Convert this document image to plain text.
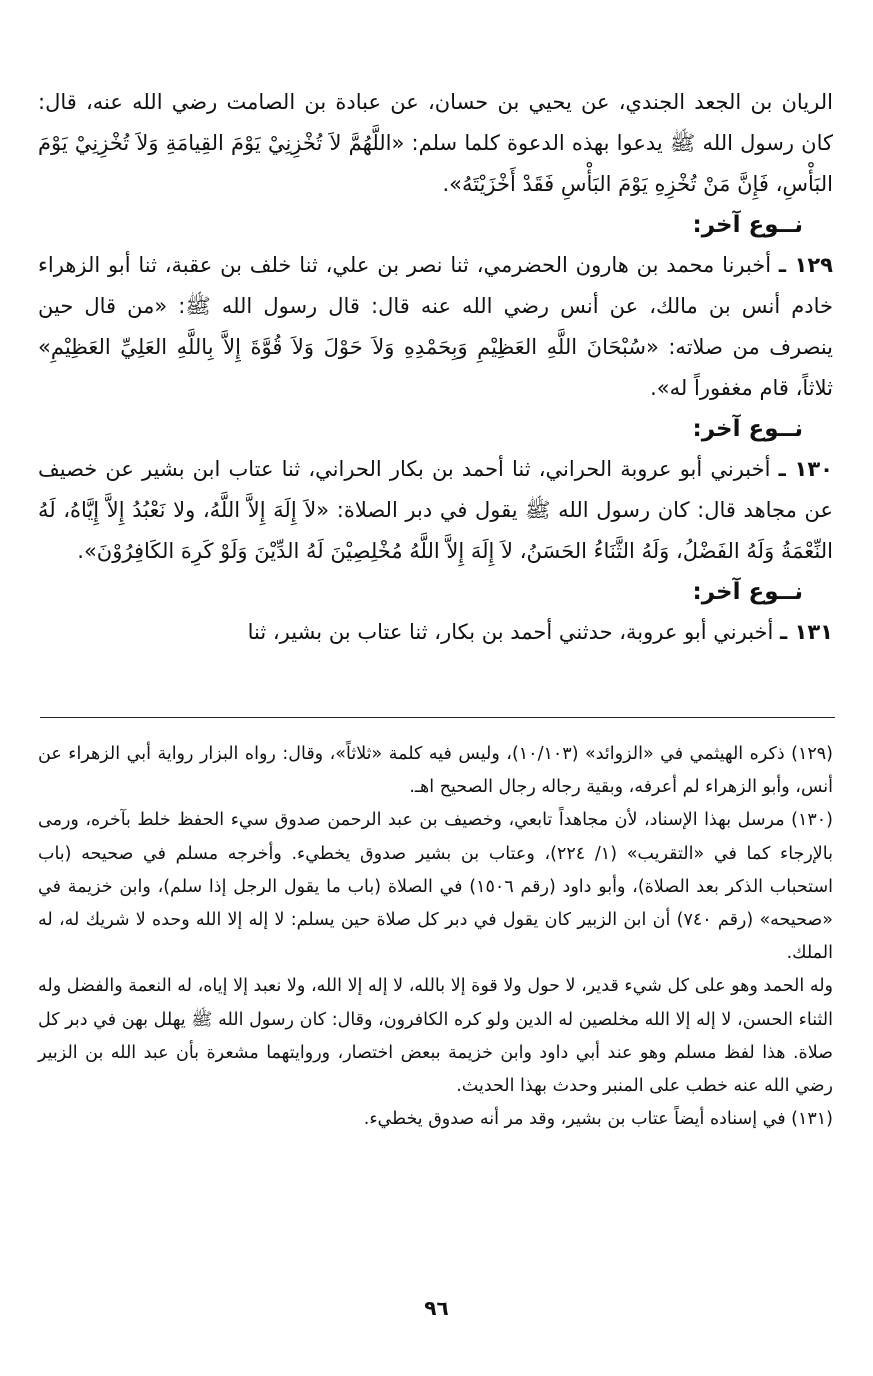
الريان بن الجعد الجندي، عن يحيي بن حسان، عن عبادة بن الصامت رضي الله عنه، قال: كان رسول الله ﷺ يدعوا بهذه الدعوة كلما سلم: «اللَّهُمَّ لاَ تُخْزِنِيْ يَوْمَ القِيامَةِ وَلاَ تُخْزِنِيْ يَوْمَ البَأْسِ، فَإِنَّ مَنْ تُخْزِهِ يَوْمَ البَأْسِ فَقَدْ أَخْزَيْتَهُ».

نــوع آخر:

١٢٩ ـ أخبرنا محمد بن هارون الحضرمي، ثنا نصر بن علي، ثنا خلف بن عقبة، ثنا أبو الزهراء خادم أنس بن مالك، عن أنس رضي الله عنه قال: قال رسول الله ﷺ: «من قال حين ينصرف من صلاته: «سُبْحَانَ اللَّهِ العَظِيْمِ وَبِحَمْدِهِ وَلاَ حَوْلَ وَلاَ قُوَّةَ إِلاَّ بِاللَّهِ العَلِيِّ العَظِيْمِ» ثلاثاً، قام مغفوراً له».

نــوع آخر:

١٣٠ ـ أخبرني أبو عروبة الحراني، ثنا أحمد بن بكار الحراني، ثنا عتاب ابن بشير عن خصيف عن مجاهد قال: كان رسول الله ﷺ يقول في دبر الصلاة: «لاَ إِلَهَ إِلاَّ اللَّهُ، ولا نَعْبُدُ إِلاَّ إِيَّاهُ، لَهُ النِّعْمَةُ وَلَهُ الفَضْلُ، وَلَهُ الثَّنَاءُ الحَسَنُ، لاَ إِلَهَ إِلاَّ اللَّهُ مُخْلِصِيْنَ لَهُ الدِّيْنَ وَلَوْ كَرِهَ الكَافِرُوْنَ».

نــوع آخر:

١٣١ ـ أخبرني أبو عروبة، حدثني أحمد بن بكار، ثنا عتاب بن بشير، ثنا

(١٢٩) ذكره الهيثمي في «الزوائد» (١٠/١٠٣)، وليس فيه كلمة «ثلاثاً»، وقال: رواه البزار رواية أبي الزهراء عن أنس، وأبو الزهراء لم أعرفه، وبقية رجاله رجال الصحيح اهـ.

(١٣٠) مرسل بهذا الإسناد، لأن مجاهداً تابعي، وخصيف بن عبد الرحمن صدوق سيء الحفظ خلط بآخره، ورمى بالإرجاء كما في «التقريب» (١/ ٢٢٤)، وعتاب بن بشير صدوق يخطيء. وأخرجه مسلم في صحيحه (باب استحباب الذكر بعد الصلاة)، وأبو داود (رقم ١٥٠٦) في الصلاة (باب ما يقول الرجل إذا سلم)، وابن خزيمة في «صحيحه» (رقم ٧٤٠) أن ابن الزبير كان يقول في دبر كل صلاة حين يسلم: لا إله إلا الله وحده لا شريك له، له الملك.

وله الحمد وهو على كل شيء قدير، لا حول ولا قوة إلا بالله، لا إله إلا الله، ولا نعبد إلا إياه، له النعمة والفضل وله الثناء الحسن، لا إله إلا الله مخلصين له الدين ولو كره الكافرون، وقال: كان رسول الله ﷺ يهلل بهن في دبر كل صلاة. هذا لفظ مسلم وهو عند أبي داود وابن خزيمة ببعض اختصار، وروايتهما مشعرة بأن عبد الله بن الزبير رضي الله عنه خطب على المنبر وحدث بهذا الحديث.

(١٣١) في إسناده أيضاً عتاب بن بشير، وقد مر أنه صدوق يخطيء.

٩٦
